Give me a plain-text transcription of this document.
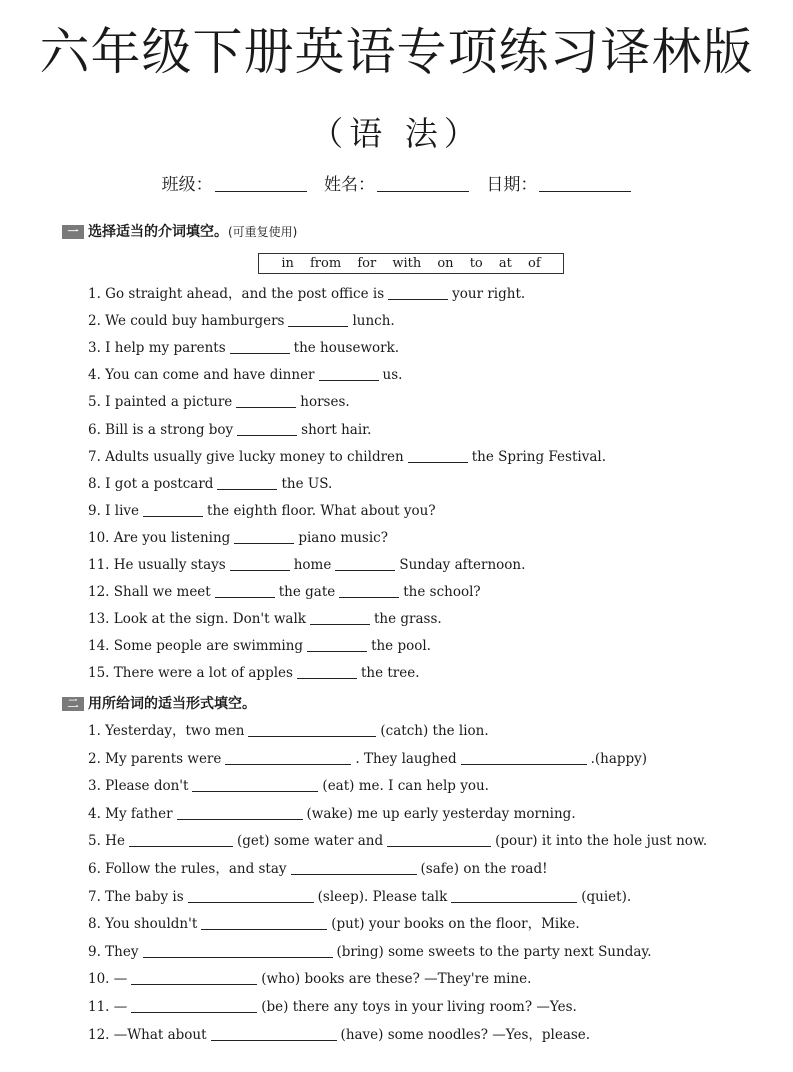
六年级下册英语专项练习译林版
（语 法）
班级：	姓名：	日期：
一 选择适当的介词填空。(可重复使用)
in from for with on to at of
1. Go straight ahead，and the post office is	your right.
2. We could buy hamburgers	lunch.
3. I help my parents	the housework.
4. You can come and have dinner	us.
5. I painted a picture	horses.
6. Bill is a strong boy	short hair.
7. Adults usually give lucky money to children	the Spring Festival.
8. I got a postcard	the US.
9. I live	the eighth floor. What about you?
10. Are you listening	piano music?
11. He usually stays	home	Sunday afternoon.
12. Shall we meet	the gate	the school?
13. Look at the sign. Don't walk	the grass.
14. Some people are swimming	the pool.
15. There were a lot of apples	the tree.
二 用所给词的适当形式填空。
1. Yesterday，two men	(catch) the lion.
2. My parents were	. They laughed	.(happy)
3. Please don't	(eat) me. I can help you.
4. My father	(wake) me up early yesterday morning.
5. He	(get) some water and	(pour) it into the hole just now.
6. Follow the rules，and stay	(safe) on the road!
7. The baby is	(sleep). Please talk	(quiet).
8. You shouldn't	(put) your books on the floor，Mike.
9. They	(bring) some sweets to the party next Sunday.
10. —	(who) books are these? —They're mine.
11. —	(be) there any toys in your living room? —Yes.
12. —What about	(have) some noodles? —Yes，please.
